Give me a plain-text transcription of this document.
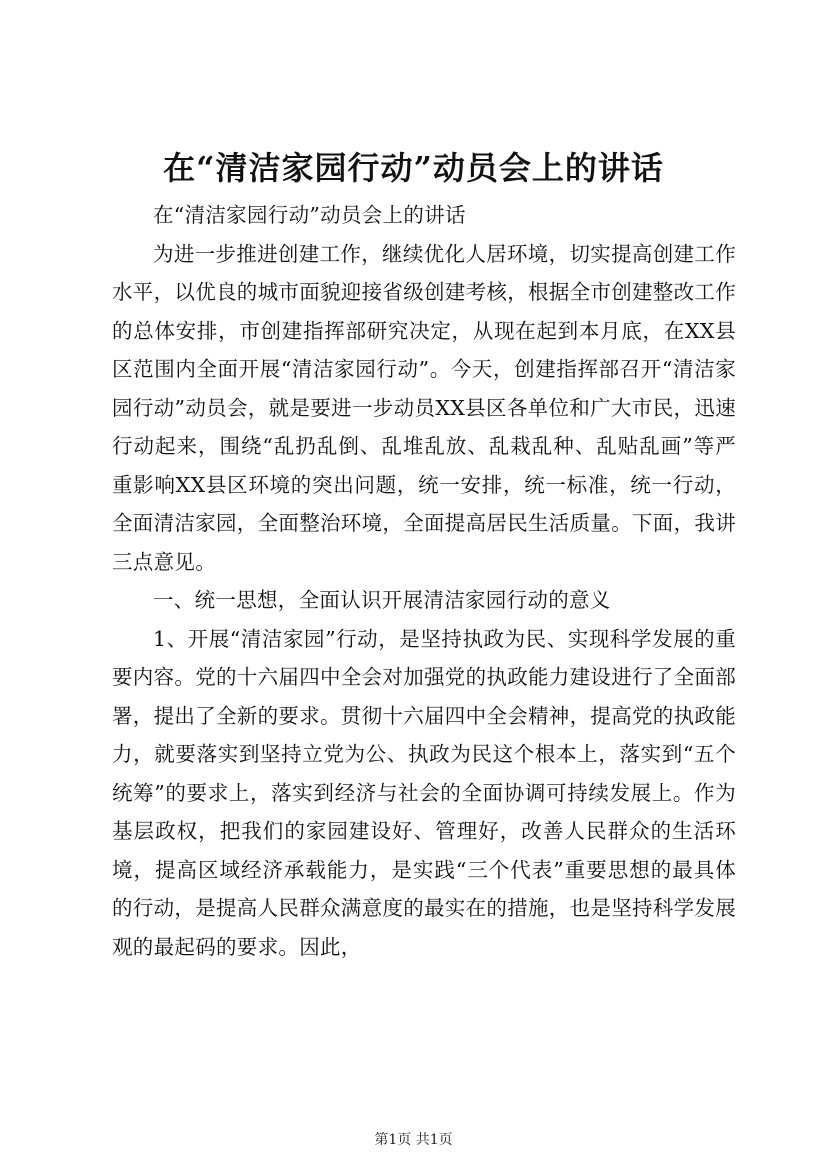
在“清洁家园行动”动员会上的讲话

在“清洁家园行动”动员会上的讲话

为进一步推进创建工作，继续优化人居环境，切实提高创建工作水平，以优良的城市面貌迎接省级创建考核，根据全市创建整改工作的总体安排，市创建指挥部研究决定，从现在起到本月底，在XX县区范围内全面开展“清洁家园行动”。今天，创建指挥部召开“清洁家园行动”动员会，就是要进一步动员XX县区各单位和广大市民，迅速行动起来，围绕“乱扔乱倒、乱堆乱放、乱栽乱种、乱贴乱画”等严重影响XX县区环境的突出问题，统一安排，统一标准，统一行动，全面清洁家园，全面整治环境，全面提高居民生活质量。下面，我讲三点意见。

一、统一思想，全面认识开展清洁家园行动的意义

1、开展“清洁家园”行动，是坚持执政为民、实现科学发展的重要内容。党的十六届四中全会对加强党的执政能力建设进行了全面部署，提出了全新的要求。贯彻十六届四中全会精神，提高党的执政能力，就要落实到坚持立党为公、执政为民这个根本上，落实到“五个统筹”的要求上，落实到经济与社会的全面协调可持续发展上。作为基层政权，把我们的家园建设好、管理好，改善人民群众的生活环境，提高区域经济承载能力，是实践“三个代表”重要思想的最具体的行动，是提高人民群众满意度的最实在的措施，也是坚持科学发展观的最起码的要求。因此，

第1页 共1页
